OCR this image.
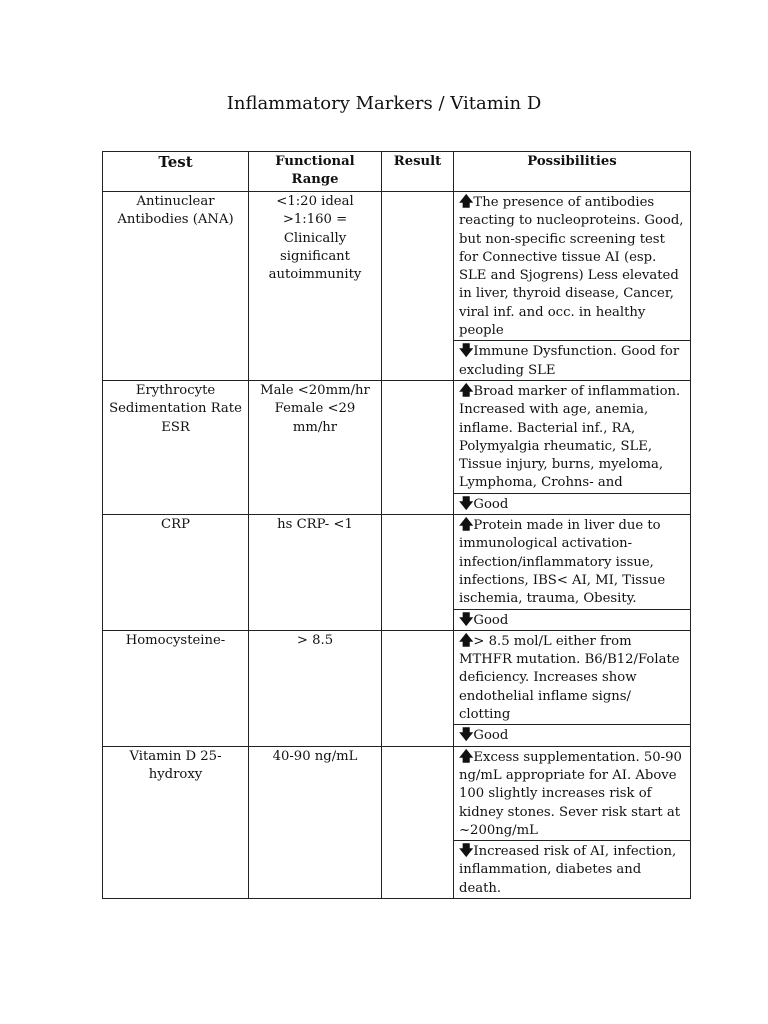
Inflammatory Markers / Vitamin D
Test	Functional Range	Result	Possibilities
Antinuclear Antibodies (ANA)	<1:20 ideal >1:160 = Clinically significant autoimmunity		🡅The presence of antibodies reacting to nucleoproteins. Good, but non-specific screening test for Connective tissue AI (esp. SLE and Sjogrens) Less elevated in liver, thyroid disease, Cancer, viral inf. and occ. in healthy people
			🡇Immune Dysfunction. Good for excluding SLE
Erythrocyte Sedimentation Rate ESR	Male <20mm/hr Female <29 mm/hr		🡅Broad marker of inflammation. Increased with age, anemia, inflame. Bacterial inf., RA, Polymyalgia rheumatic, SLE, Tissue injury, burns, myeloma, Lymphoma, Crohns- and
			🡇Good
CRP	hs CRP- <1		🡅Protein made in liver due to immunological activation- infection/inflammatory issue, infections, IBS< AI, MI, Tissue ischemia, trauma, Obesity.
			🡇Good
Homocysteine-	> 8.5		🡅> 8.5 mol/L either from MTHFR mutation. B6/B12/Folate deficiency. Increases show endothelial inflame signs/ clotting
			🡇Good
Vitamin D 25-hydroxy	40-90 ng/mL		🡅Excess supplementation. 50-90 ng/mL appropriate for AI. Above 100 slightly increases risk of kidney stones. Sever risk start at ~200ng/mL
			🡇Increased risk of AI, infection, inflammation, diabetes and death.
